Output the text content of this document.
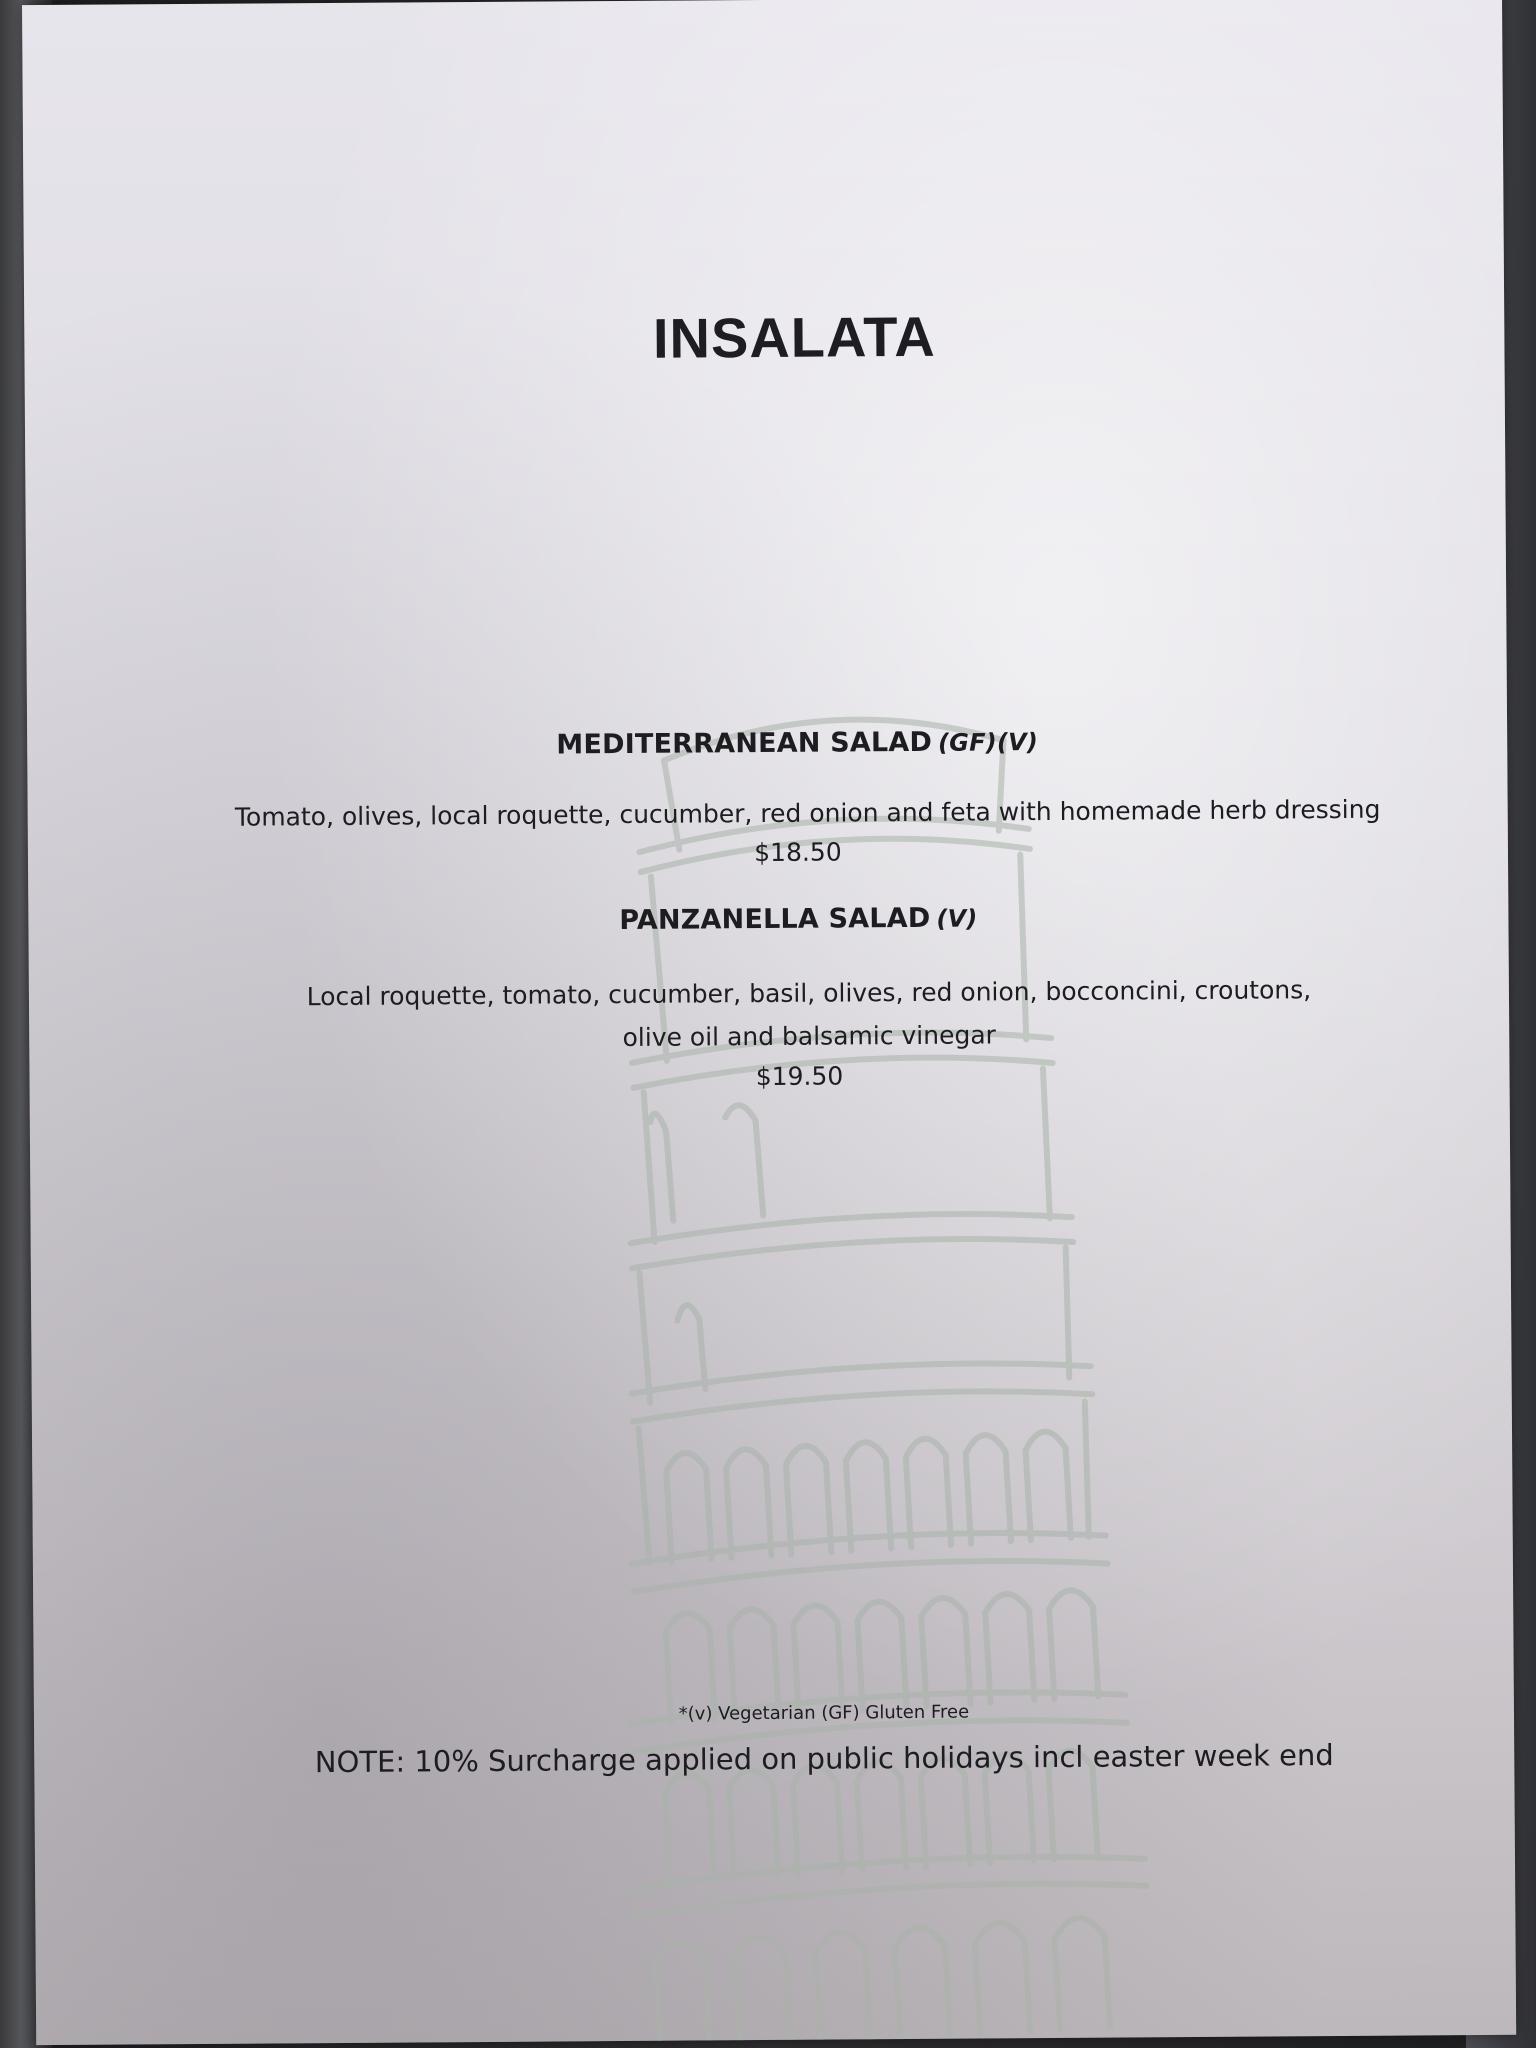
INSALATA
MEDITERRANEAN SALAD (GF)(V)
Tomato, olives, local roquette, cucumber, red onion and feta with homemade herb dressing
$18.50
PANZANELLA SALAD (V)
Local roquette, tomato, cucumber, basil, olives, red onion, bocconcini, croutons,
olive oil and balsamic vinegar
$19.50
*(v) Vegetarian (GF) Gluten Free
NOTE: 10% Surcharge applied on public holidays incl easter week end
